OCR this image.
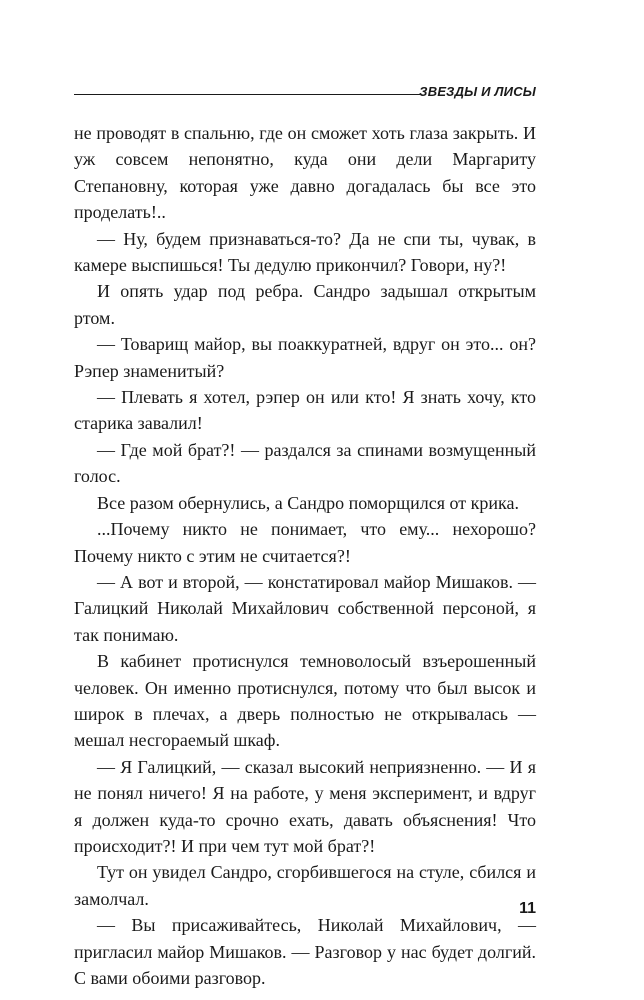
ЗВЕЗДЫ И ЛИСЫ

не проводят в спальню, где он сможет хоть глаза закрыть. И уж совсем непонятно, куда они дели Маргариту Степановну, которая уже давно догадалась бы все это проделать!..

— Ну, будем признаваться-то? Да не спи ты, чувак, в камере выспишься! Ты дедулю прикончил? Говори, ну?!

И опять удар под ребра. Сандро задышал открытым ртом.

— Товарищ майор, вы поаккуратней, вдруг он это... он? Рэпер знаменитый?

— Плевать я хотел, рэпер он или кто! Я знать хочу, кто старика завалил!

— Где мой брат?! — раздался за спинами возмущенный голос.

Все разом обернулись, а Сандро поморщился от крика.

...Почему никто не понимает, что ему... нехорошо? Почему никто с этим не считается?!

— А вот и второй, — констатировал майор Мишаков. — Галицкий Николай Михайлович собственной персоной, я так понимаю.

В кабинет протиснулся темноволосый взъерошенный человек. Он именно протиснулся, потому что был высок и широк в плечах, а дверь полностью не открывалась — мешал несгораемый шкаф.

— Я Галицкий, — сказал высокий неприязненно. — И я не понял ничего! Я на работе, у меня эксперимент, и вдруг я должен куда-то срочно ехать, давать объяснения! Что происходит?! И при чем тут мой брат?!

Тут он увидел Сандро, сгорбившегося на стуле, сбился и замолчал.

— Вы присаживайтесь, Николай Михайлович, — пригласил майор Мишаков. — Разговор у нас будет долгий. С вами обоими разговор.

11
